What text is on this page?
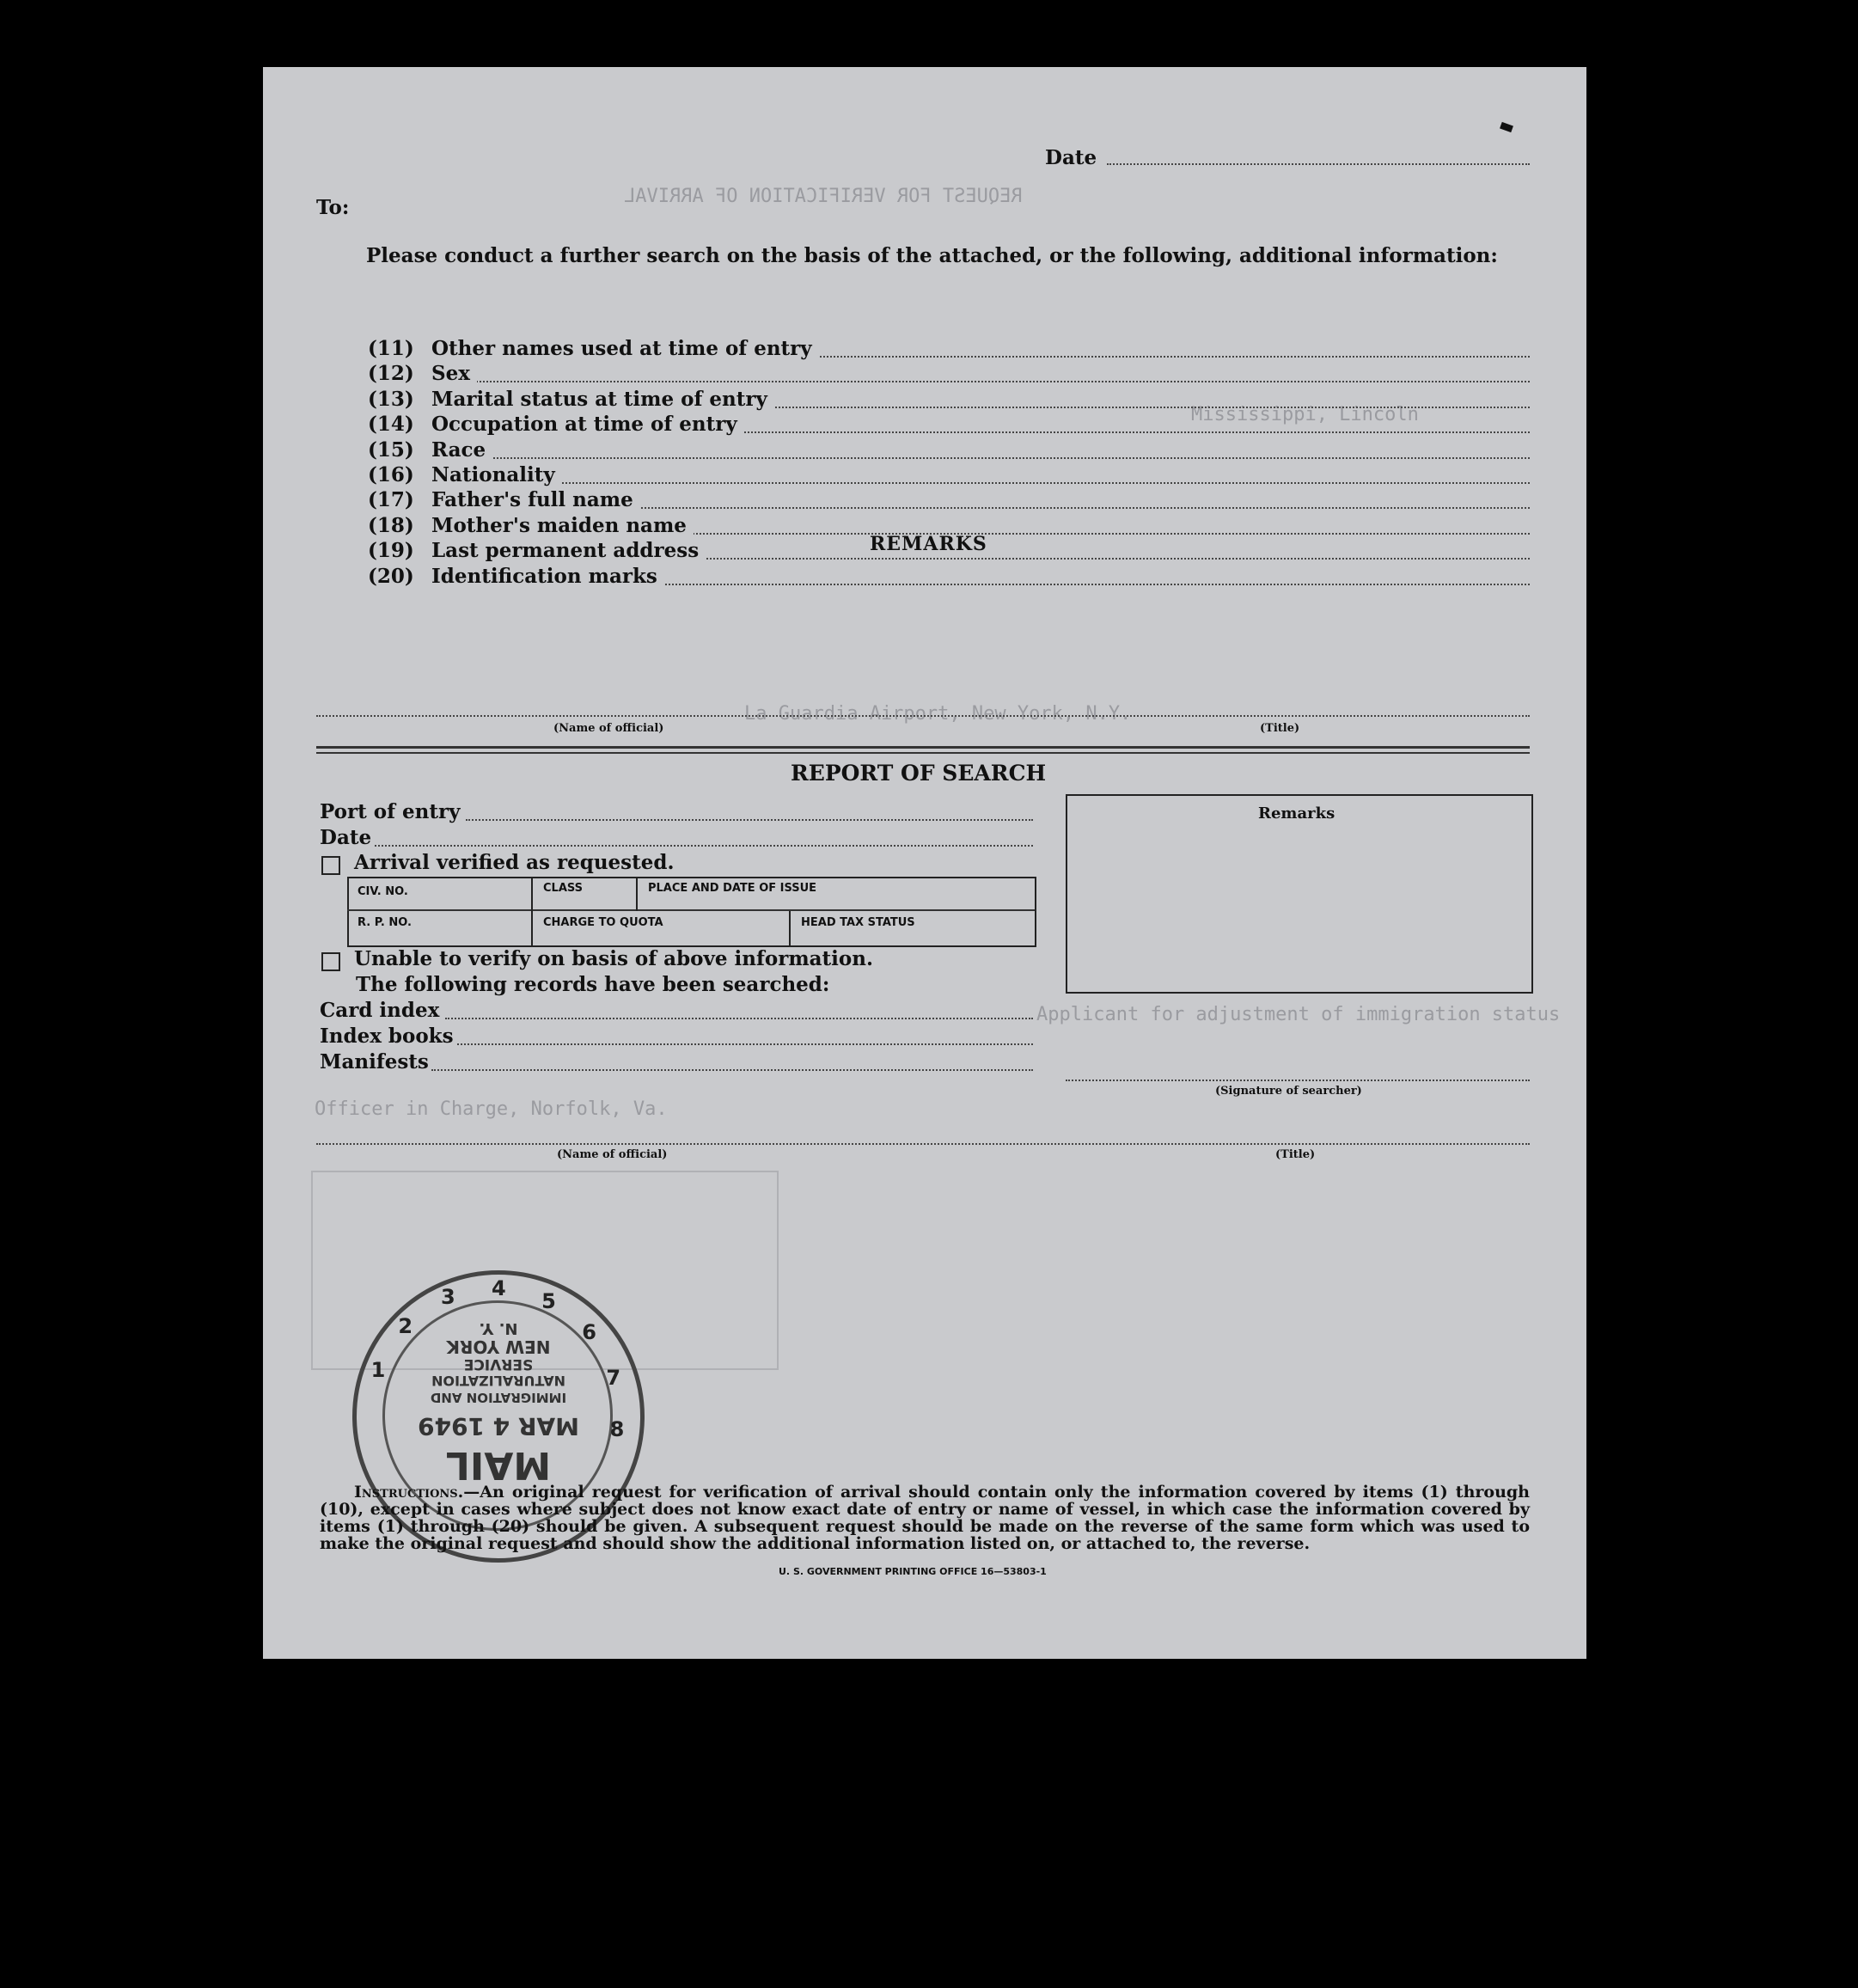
REQUEST FOR VERIFICATION OF ARRIVAL
Mississippi, Lincoln
La Guardia Airport, New York, N.Y.
Applicant for adjustment of immigration status
Officer in Charge, Norfolk, Va.
Date
To:
Please conduct a further search on the basis of the attached, or the following, additional information:
(11) Other names used at time of entry
(12) Sex
(13) Marital status at time of entry
(14) Occupation at time of entry
(15) Race
(16) Nationality
(17) Father's full name
(18) Mother's maiden name
(19) Last permanent address
(20) Identification marks
REMARKS
(Name of official)	(Title)
REPORT OF SEARCH
Port of entry
Date
Arrival verified as requested.
CIV. NO.	CLASS	PLACE AND DATE OF ISSUE
R. P. NO.	CHARGE TO QUOTA	HEAD TAX STATUS
Unable to verify on basis of above information.
The following records have been searched:
Card index
Index books
Manifests
Remarks
(Signature of searcher)
(Name of official)	(Title)
NEW YORK
N. Y.
SERVICE
NATURALIZATION
IMMIGRATION AND
MAR 4 1949
MAIL
1
2
3 4
5
6
7
8
Instructions.—An original request for verification of arrival should contain only the information covered by items (1) through (10), except in cases where subject does not know exact date of entry or name of vessel, in which case the information covered by items (1) through (20) should be given. A subsequent request should be made on the reverse of the same form which was used to make the original request and should show the additional information listed on, or attached to, the reverse.
U. S. GOVERNMENT PRINTING OFFICE 16—53803-1
